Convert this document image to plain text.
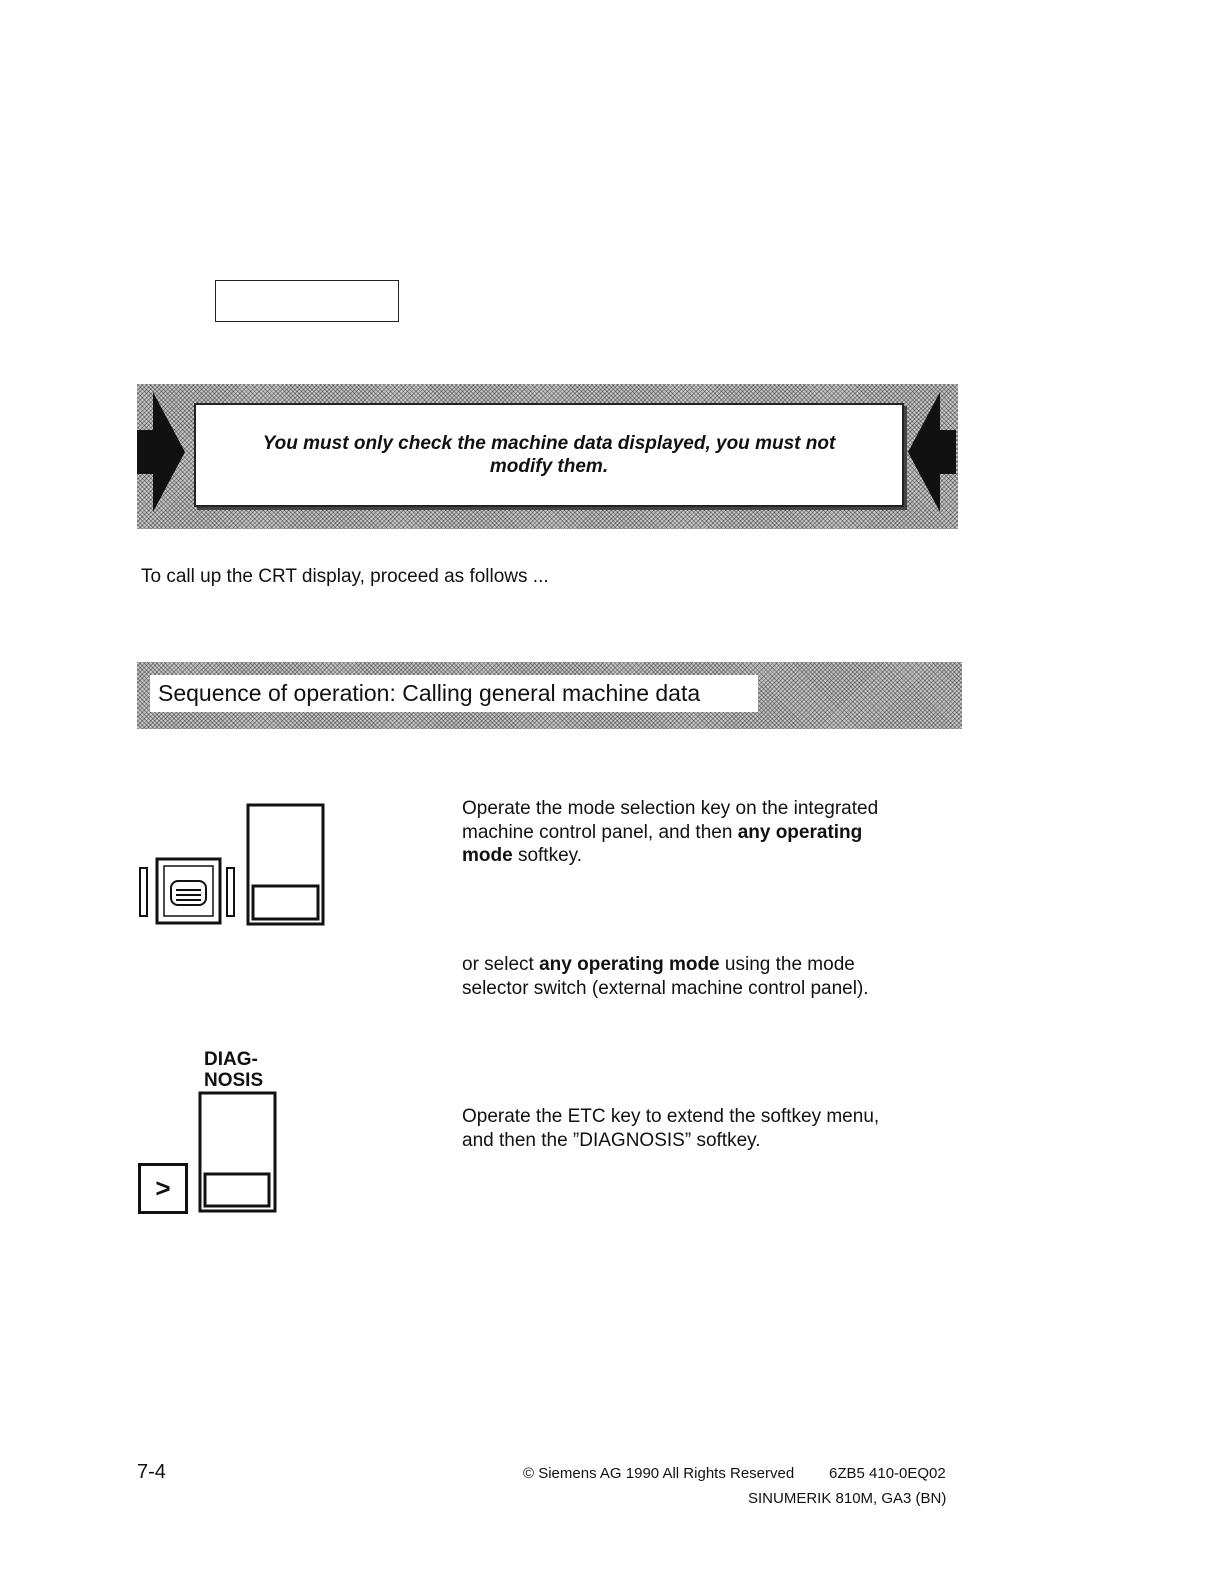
You must only check the machine data displayed, you must not modify them.
To call up the CRT display, proceed as follows ...
Sequence of operation: Calling general machine data
Operate the mode selection key on the integrated machine control panel, and then any operating mode softkey.
or select any operating mode using the mode selector switch (external machine control panel).
DIAG-
NOSIS
>
Operate the ETC key to extend the softkey menu, and then the ”DIAGNOSIS” softkey.
7-4	© Siemens AG 1990 All Rights Reserved 6ZB5 410-0EQ02
SINUMERIK 810M, GA3 (BN)
